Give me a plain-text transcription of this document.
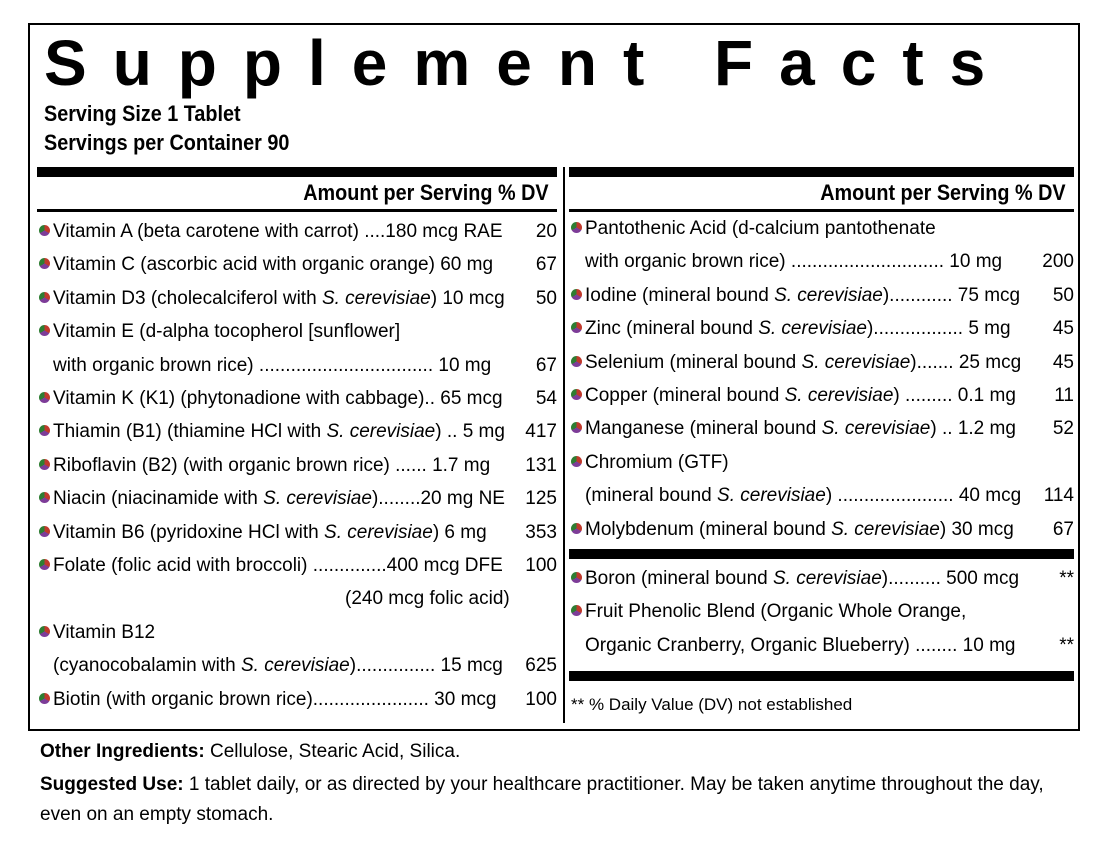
Supplement Facts
Serving Size 1 Tablet
Servings per Container 90
Amount per Serving % DV
Vitamin A (beta carotene with carrot) ....180 mcg RAE 20
Vitamin C (ascorbic acid with organic orange) 60 mg 67
Vitamin D3 (cholecalciferol with S. cerevisiae) 10 mcg 50
Vitamin E (d-alpha tocopherol [sunflower]
with organic brown rice) ................................. 10 mg 67
Vitamin K (K1) (phytonadione with cabbage).. 65 mcg 54
Thiamin (B1) (thiamine HCl with S. cerevisiae) .. 5 mg 417
Riboflavin (B2) (with organic brown rice) ...... 1.7 mg 131
Niacin (niacinamide with S. cerevisiae)........20 mg NE 125
Vitamin B6 (pyridoxine HCl with S. cerevisiae) 6 mg 353
Folate (folic acid with broccoli) ..............400 mcg DFE 100
(240 mcg folic acid)
Vitamin B12
(cyanocobalamin with S. cerevisiae)............... 15 mcg 625
Biotin (with organic brown rice)...................... 30 mcg 100
Amount per Serving % DV
Pantothenic Acid (d-calcium pantothenate
with organic brown rice) ............................. 10 mg 200
Iodine (mineral bound S. cerevisiae)............ 75 mcg 50
Zinc (mineral bound S. cerevisiae)................. 5 mg 45
Selenium (mineral bound S. cerevisiae)....... 25 mcg 45
Copper (mineral bound S. cerevisiae) ......... 0.1 mg 11
Manganese (mineral bound S. cerevisiae) .. 1.2 mg 52
Chromium (GTF)
(mineral bound S. cerevisiae) ...................... 40 mcg 114
Molybdenum (mineral bound S. cerevisiae) 30 mcg 67
Boron (mineral bound S. cerevisiae).......... 500 mcg **
Fruit Phenolic Blend (Organic Whole Orange,
Organic Cranberry, Organic Blueberry) ........ 10 mg **
** % Daily Value (DV) not established
Other Ingredients: Cellulose, Stearic Acid, Silica.
Suggested Use: 1 tablet daily, or as directed by your healthcare practitioner. May be taken anytime throughout the day,
even on an empty stomach.
